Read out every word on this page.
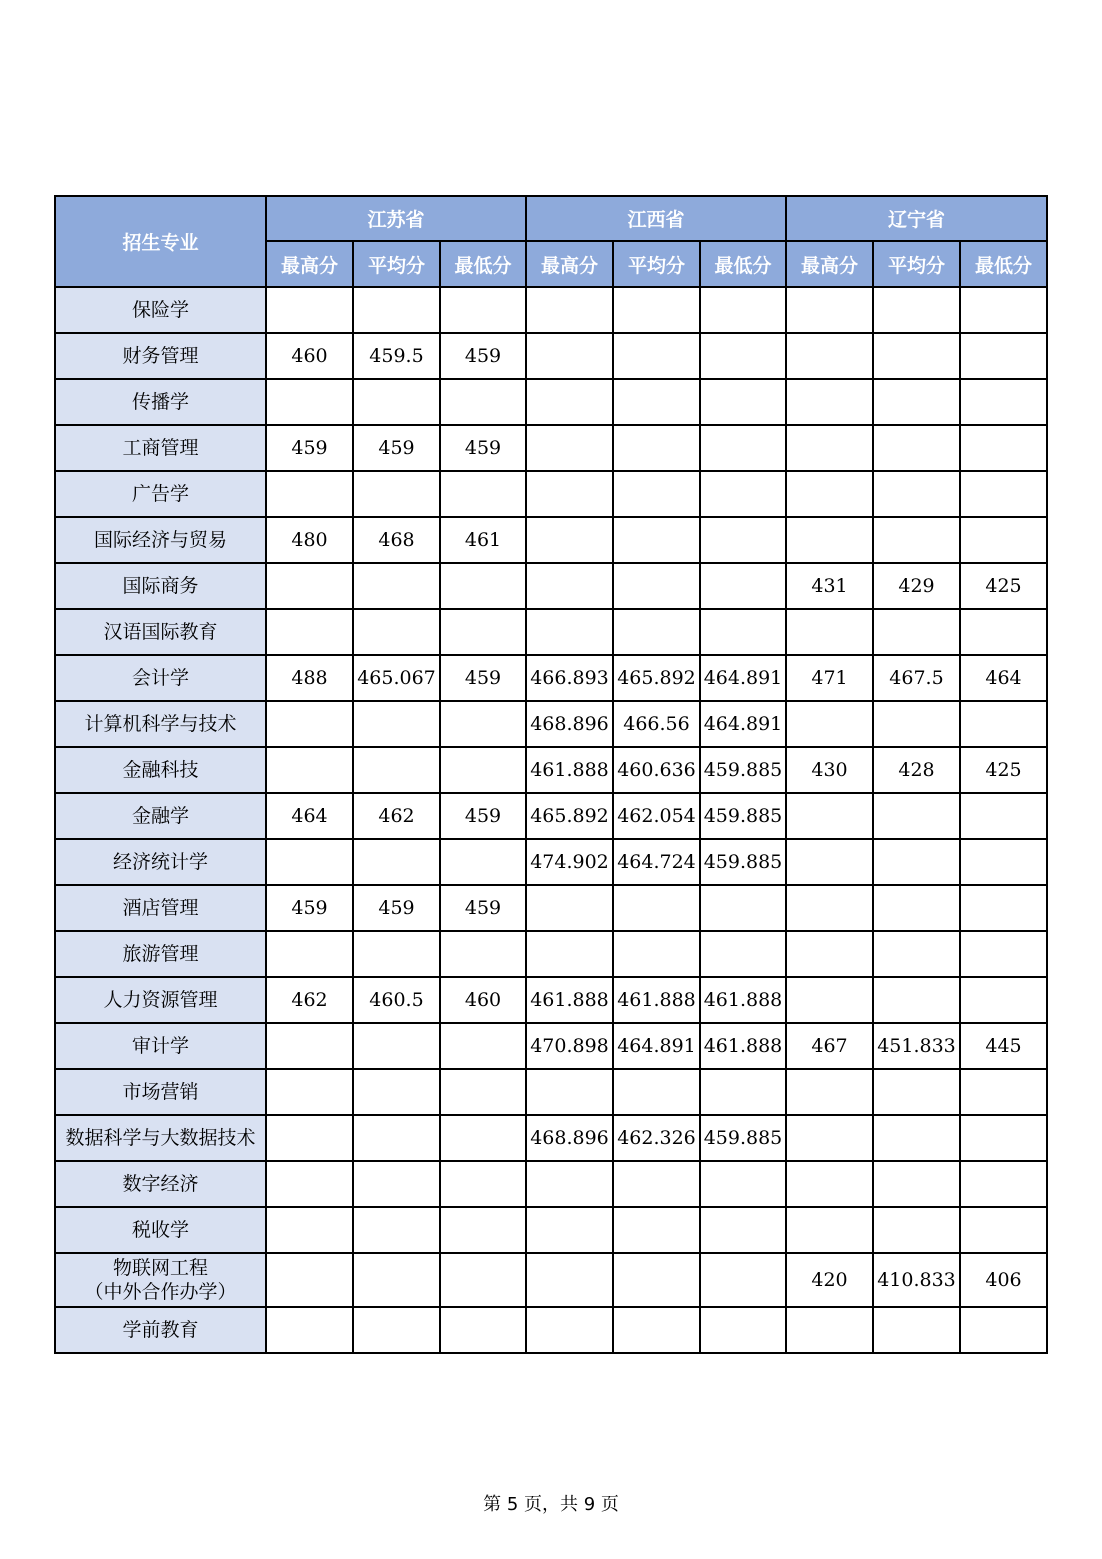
招生专业	江苏省			江西省			辽宁省		
	最高分	平均分	最低分	最高分	平均分	最低分	最高分	平均分	最低分
保险学									
财务管理	460	459.5	459						
传播学									
工商管理	459	459	459						
广告学									
国际经济与贸易	480	468	461						
国际商务							431	429	425
汉语国际教育									
会计学	488	465.067	459	466.893	465.892	464.891	471	467.5	464
计算机科学与技术				468.896	466.56	464.891			
金融科技				461.888	460.636	459.885	430	428	425
金融学	464	462	459	465.892	462.054	459.885			
经济统计学				474.902	464.724	459.885			
酒店管理	459	459	459						
旅游管理									
人力资源管理	462	460.5	460	461.888	461.888	461.888			
审计学				470.898	464.891	461.888	467	451.833	445
市场营销									
数据科学与大数据技术				468.896	462.326	459.885			
数字经济									
税收学									
物联网工程
（中外合作办学）							420	410.833	406
学前教育									
第 5 页，共 9 页
